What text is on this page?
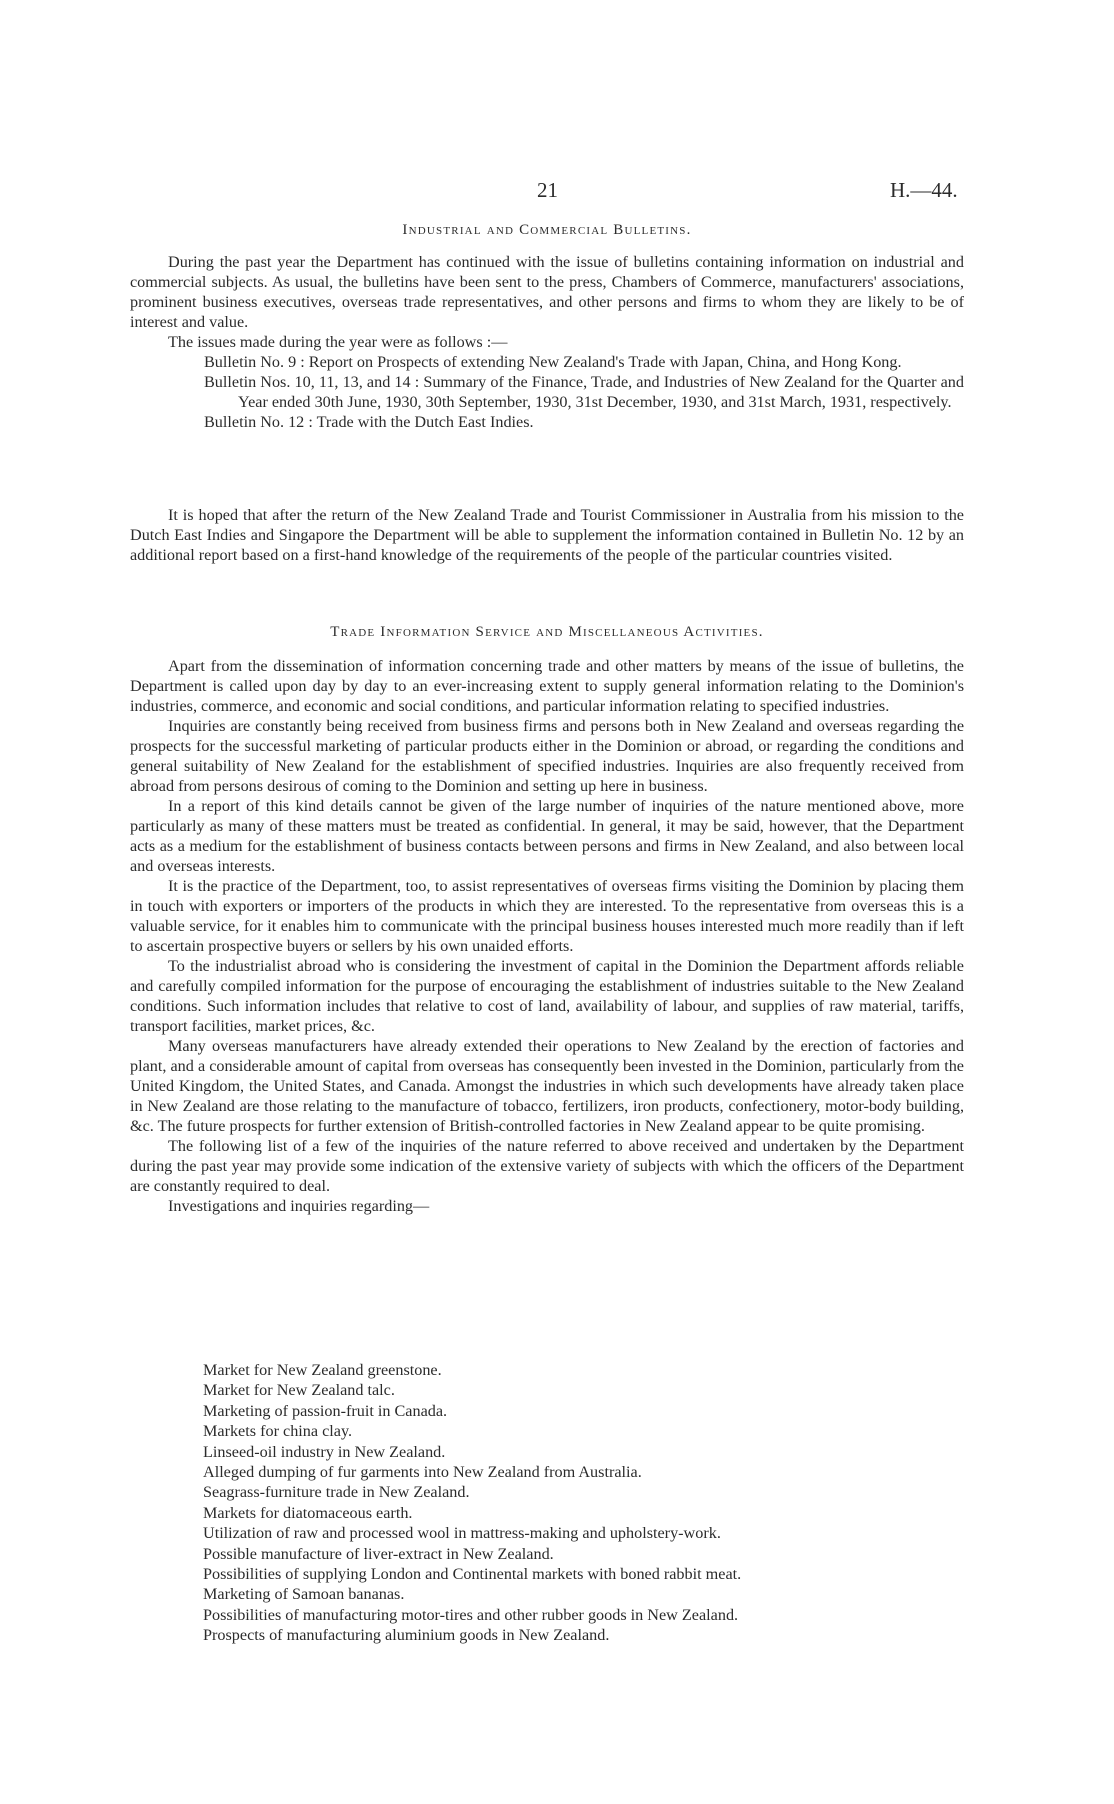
21	H.—44.
Industrial and Commercial Bulletins.

During the past year the Department has continued with the issue of bulletins containing information on industrial and commercial subjects. As usual, the bulletins have been sent to the press, Chambers of Commerce, manufacturers' associations, prominent business executives, overseas trade representatives, and other persons and firms to whom they are likely to be of interest and value.

The issues made during the year were as follows :—

Bulletin No. 9 : Report on Prospects of extending New Zealand's Trade with Japan, China, and Hong Kong.
Bulletin Nos. 10, 11, 13, and 14 : Summary of the Finance, Trade, and Industries of New Zealand for the Quarter and Year ended 30th June, 1930, 30th September, 1930, 31st December, 1930, and 31st March, 1931, respectively.
Bulletin No. 12 : Trade with the Dutch East Indies.

It is hoped that after the return of the New Zealand Trade and Tourist Commissioner in Australia from his mission to the Dutch East Indies and Singapore the Department will be able to supplement the information contained in Bulletin No. 12 by an additional report based on a first-hand knowledge of the requirements of the people of the particular countries visited.

Trade Information Service and Miscellaneous Activities.

Apart from the dissemination of information concerning trade and other matters by means of the issue of bulletins, the Department is called upon day by day to an ever-increasing extent to supply general information relating to the Dominion's industries, commerce, and economic and social conditions, and particular information relating to specified industries.

Inquiries are constantly being received from business firms and persons both in New Zealand and overseas regarding the prospects for the successful marketing of particular products either in the Dominion or abroad, or regarding the conditions and general suitability of New Zealand for the establishment of specified industries. Inquiries are also frequently received from abroad from persons desirous of coming to the Dominion and setting up here in business.

In a report of this kind details cannot be given of the large number of inquiries of the nature mentioned above, more particularly as many of these matters must be treated as confidential. In general, it may be said, however, that the Department acts as a medium for the establishment of business contacts between persons and firms in New Zealand, and also between local and overseas interests.

It is the practice of the Department, too, to assist representatives of overseas firms visiting the Dominion by placing them in touch with exporters or importers of the products in which they are interested. To the representative from overseas this is a valuable service, for it enables him to communicate with the principal business houses interested much more readily than if left to ascertain prospective buyers or sellers by his own unaided efforts.

To the industrialist abroad who is considering the investment of capital in the Dominion the Department affords reliable and carefully compiled information for the purpose of encouraging the establishment of industries suitable to the New Zealand conditions. Such information includes that relative to cost of land, availability of labour, and supplies of raw material, tariffs, transport facilities, market prices, &c.

Many overseas manufacturers have already extended their operations to New Zealand by the erection of factories and plant, and a considerable amount of capital from overseas has consequently been invested in the Dominion, particularly from the United Kingdom, the United States, and Canada. Amongst the industries in which such developments have already taken place in New Zealand are those relating to the manufacture of tobacco, fertilizers, iron products, confectionery, motor-body building, &c. The future prospects for further extension of British-controlled factories in New Zealand appear to be quite promising.

The following list of a few of the inquiries of the nature referred to above received and undertaken by the Department during the past year may provide some indication of the extensive variety of subjects with which the officers of the Department are constantly required to deal.

Investigations and inquiries regarding—

Market for New Zealand greenstone.
Market for New Zealand talc.
Marketing of passion-fruit in Canada.
Markets for china clay.
Linseed-oil industry in New Zealand.
Alleged dumping of fur garments into New Zealand from Australia.
Seagrass-furniture trade in New Zealand.
Markets for diatomaceous earth.
Utilization of raw and processed wool in mattress-making and upholstery-work.
Possible manufacture of liver-extract in New Zealand.
Possibilities of supplying London and Continental markets with boned rabbit meat.
Marketing of Samoan bananas.
Possibilities of manufacturing motor-tires and other rubber goods in New Zealand.
Prospects of manufacturing aluminium goods in New Zealand.
